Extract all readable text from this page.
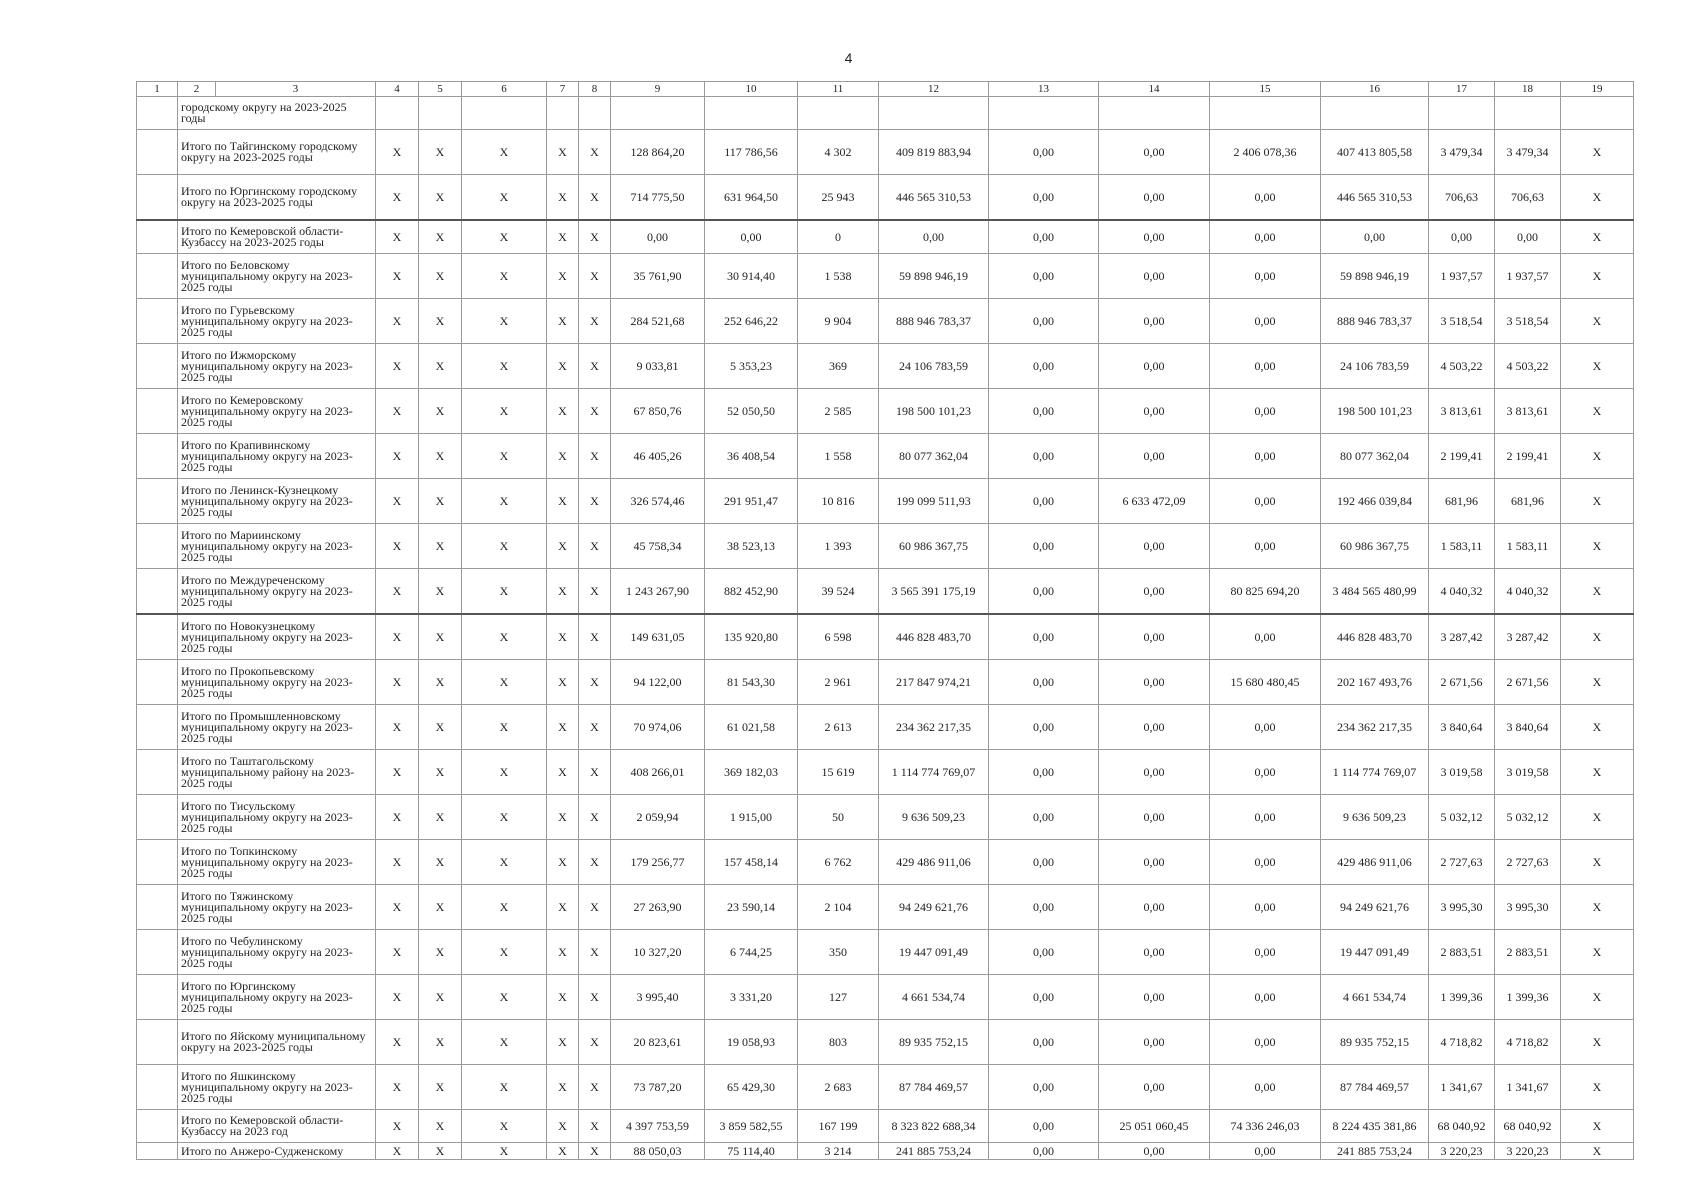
4
1	2	3	4	5	6	7	8	9	10	11	12	13	14	15	16	17	18	19
	городскому округу на 2023-2025 годы																	
	Итого по Тайгинскому городскому округу на 2023-2025 годы		X	X	X	X	X	128 864,20	117 786,56	4 302	409 819 883,94	0,00	0,00	2 406 078,36	407 413 805,58	3 479,34	3 479,34	X
	Итого по Юргинскому городскому округу на 2023-2025 годы		X	X	X	X	X	714 775,50	631 964,50	25 943	446 565 310,53	0,00	0,00	0,00	446 565 310,53	706,63	706,63	X
	Итого по Кемеровской области-Кузбассу на 2023-2025 годы		X	X	X	X	X	0,00	0,00	0	0,00	0,00	0,00	0,00	0,00	0,00	0,00	X
	Итого по Беловскому муниципальному округу на 2023-2025 годы		X	X	X	X	X	35 761,90	30 914,40	1 538	59 898 946,19	0,00	0,00	0,00	59 898 946,19	1 937,57	1 937,57	X
	Итого по Гурьевскому муниципальному округу на 2023-2025 годы		X	X	X	X	X	284 521,68	252 646,22	9 904	888 946 783,37	0,00	0,00	0,00	888 946 783,37	3 518,54	3 518,54	X
	Итого по Ижморскому муниципальному округу на 2023-2025 годы		X	X	X	X	X	9 033,81	5 353,23	369	24 106 783,59	0,00	0,00	0,00	24 106 783,59	4 503,22	4 503,22	X
	Итого по Кемеровскому муниципальному округу на 2023-2025 годы		X	X	X	X	X	67 850,76	52 050,50	2 585	198 500 101,23	0,00	0,00	0,00	198 500 101,23	3 813,61	3 813,61	X
	Итого по Крапивинскому муниципальному округу на 2023-2025 годы		X	X	X	X	X	46 405,26	36 408,54	1 558	80 077 362,04	0,00	0,00	0,00	80 077 362,04	2 199,41	2 199,41	X
	Итого по Ленинск-Кузнецкому муниципальному округу на 2023-2025 годы		X	X	X	X	X	326 574,46	291 951,47	10 816	199 099 511,93	0,00	6 633 472,09	0,00	192 466 039,84	681,96	681,96	X
	Итого по Мариинскому муниципальному округу на 2023-2025 годы		X	X	X	X	X	45 758,34	38 523,13	1 393	60 986 367,75	0,00	0,00	0,00	60 986 367,75	1 583,11	1 583,11	X
	Итого по Междуреченскому муниципальному округу на 2023-2025 годы		X	X	X	X	X	1 243 267,90	882 452,90	39 524	3 565 391 175,19	0,00	0,00	80 825 694,20	3 484 565 480,99	4 040,32	4 040,32	X
	Итого по Новокузнецкому муниципальному округу на 2023-2025 годы		X	X	X	X	X	149 631,05	135 920,80	6 598	446 828 483,70	0,00	0,00	0,00	446 828 483,70	3 287,42	3 287,42	X
	Итого по Прокопьевскому муниципальному округу на 2023-2025 годы		X	X	X	X	X	94 122,00	81 543,30	2 961	217 847 974,21	0,00	0,00	15 680 480,45	202 167 493,76	2 671,56	2 671,56	X
	Итого по Промышленновскому муниципальному округу на 2023-2025 годы		X	X	X	X	X	70 974,06	61 021,58	2 613	234 362 217,35	0,00	0,00	0,00	234 362 217,35	3 840,64	3 840,64	X
	Итого по Таштагольскому муниципальному району на 2023-2025 годы		X	X	X	X	X	408 266,01	369 182,03	15 619	1 114 774 769,07	0,00	0,00	0,00	1 114 774 769,07	3 019,58	3 019,58	X
	Итого по Тисульскому муниципальному округу на 2023-2025 годы		X	X	X	X	X	2 059,94	1 915,00	50	9 636 509,23	0,00	0,00	0,00	9 636 509,23	5 032,12	5 032,12	X
	Итого по Топкинскому муниципальному округу на 2023-2025 годы		X	X	X	X	X	179 256,77	157 458,14	6 762	429 486 911,06	0,00	0,00	0,00	429 486 911,06	2 727,63	2 727,63	X
	Итого по Тяжинскому муниципальному округу на 2023-2025 годы		X	X	X	X	X	27 263,90	23 590,14	2 104	94 249 621,76	0,00	0,00	0,00	94 249 621,76	3 995,30	3 995,30	X
	Итого по Чебулинскому муниципальному округу на 2023-2025 годы		X	X	X	X	X	10 327,20	6 744,25	350	19 447 091,49	0,00	0,00	0,00	19 447 091,49	2 883,51	2 883,51	X
	Итого по Юргинскому муниципальному округу на 2023-2025 годы		X	X	X	X	X	3 995,40	3 331,20	127	4 661 534,74	0,00	0,00	0,00	4 661 534,74	1 399,36	1 399,36	X
	Итого по Яйскому муниципальному округу на 2023-2025 годы		X	X	X	X	X	20 823,61	19 058,93	803	89 935 752,15	0,00	0,00	0,00	89 935 752,15	4 718,82	4 718,82	X
	Итого по Яшкинскому муниципальному округу на 2023-2025 годы		X	X	X	X	X	73 787,20	65 429,30	2 683	87 784 469,57	0,00	0,00	0,00	87 784 469,57	1 341,67	1 341,67	X
	Итого по Кемеровской области-Кузбассу на 2023 год		X	X	X	X	X	4 397 753,59	3 859 582,55	167 199	8 323 822 688,34	0,00	25 051 060,45	74 336 246,03	8 224 435 381,86	68 040,92	68 040,92	X
	Итого по Анжеро-Судженскому		X	X	X	X	X	88 050,03	75 114,40	3 214	241 885 753,24	0,00	0,00	0,00	241 885 753,24	3 220,23	3 220,23	X
